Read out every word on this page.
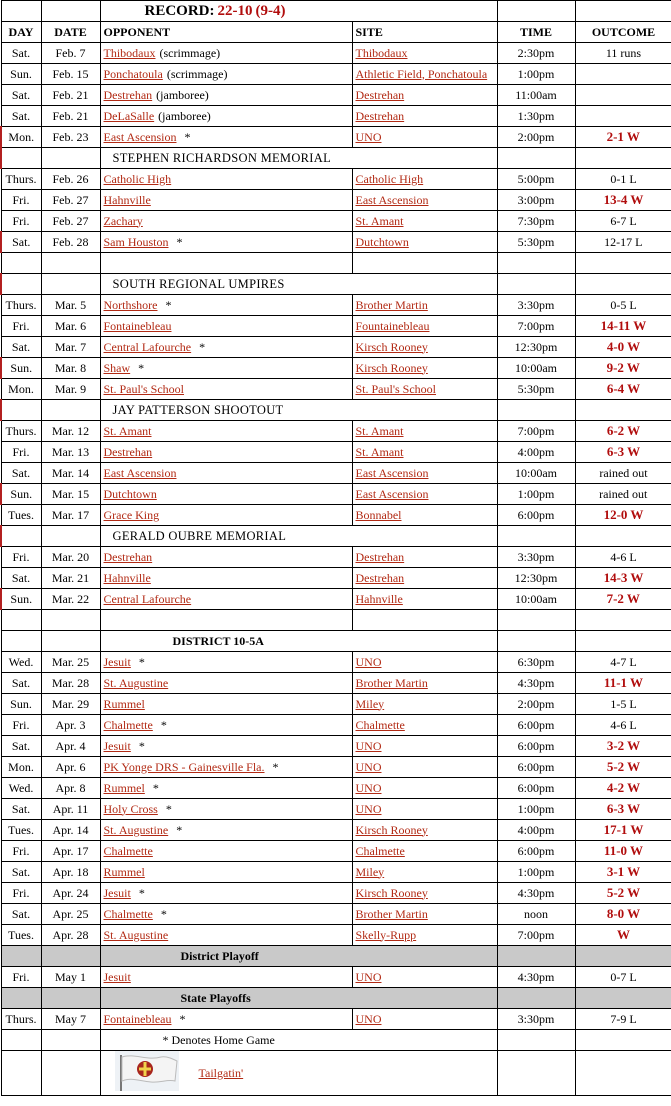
		RECORD: 22-10 (9-4)			
DAY	DATE	OPPONENT	SITE	TIME	OUTCOME
Sat.	Feb. 7	Thibodaux (scrimmage)	Thibodaux	2:30pm	11 runs
Sun.	Feb. 15	Ponchatoula (scrimmage)	Athletic Field, Ponchatoula	1:00pm	
Sat.	Feb. 21	Destrehan (jamboree)	Destrehan	11:00am	
Sat.	Feb. 21	DeLaSalle (jamboree)	Destrehan	1:30pm	
Mon.	Feb. 23	East Ascension *	UNO	2:00pm	2-1 W
		STEPHEN RICHARDSON MEMORIAL			
Thurs.	Feb. 26	Catholic High	Catholic High	5:00pm	0-1 L
Fri.	Feb. 27	Hahnville	East Ascension	3:00pm	13-4 W
Fri.	Feb. 27	Zachary	St. Amant	7:30pm	6-7 L
Sat.	Feb. 28	Sam Houston *	Dutchtown	5:30pm	12-17 L

		SOUTH REGIONAL UMPIRES			
Thurs.	Mar. 5	Northshore *	Brother Martin	3:30pm	0-5 L
Fri.	Mar. 6	Fontainebleau	Fountainebleau	7:00pm	14-11 W
Sat.	Mar. 7	Central Lafourche *	Kirsch Rooney	12:30pm	4-0 W
Sun.	Mar. 8	Shaw *	Kirsch Rooney	10:00am	9-2 W
Mon.	Mar. 9	St. Paul's School	St. Paul's School	5:30pm	6-4 W
		JAY PATTERSON SHOOTOUT			
Thurs.	Mar. 12	St. Amant	St. Amant	7:00pm	6-2 W
Fri.	Mar. 13	Destrehan	St. Amant	4:00pm	6-3 W
Sat.	Mar. 14	East Ascension	East Ascension	10:00am	rained out
Sun.	Mar. 15	Dutchtown	East Ascension	1:00pm	rained out
Tues.	Mar. 17	Grace King	Bonnabel	6:00pm	12-0 W
		GERALD OUBRE MEMORIAL			
Fri.	Mar. 20	Destrehan	Destrehan	3:30pm	4-6 L
Sat.	Mar. 21	Hahnville	Destrehan	12:30pm	14-3 W
Sun.	Mar. 22	Central Lafourche	Hahnville	10:00am	7-2 W

		DISTRICT 10-5A			
Wed.	Mar. 25	Jesuit *	UNO	6:30pm	4-7 L
Sat.	Mar. 28	St. Augustine	Brother Martin	4:30pm	11-1 W
Sun.	Mar. 29	Rummel	Miley	2:00pm	1-5 L
Fri.	Apr. 3	Chalmette *	Chalmette	6:00pm	4-6 L
Sat.	Apr. 4	Jesuit *	UNO	6:00pm	3-2 W
Mon.	Apr. 6	PK Yonge DRS - Gainesville Fla. *	UNO	6:00pm	5-2 W
Wed.	Apr. 8	Rummel *	UNO	6:00pm	4-2 W
Sat.	Apr. 11	Holy Cross *	UNO	1:00pm	6-3 W
Tues.	Apr. 14	St. Augustine *	Kirsch Rooney	4:00pm	17-1 W
Fri.	Apr. 17	Chalmette	Chalmette	6:00pm	11-0 W
Sat.	Apr. 18	Rummel	Miley	1:00pm	3-1 W
Fri.	Apr. 24	Jesuit *	Kirsch Rooney	4:30pm	5-2 W
Sat.	Apr. 25	Chalmette *	Brother Martin	noon	8-0 W
Tues.	Apr. 28	St. Augustine	Skelly-Rupp	7:00pm	W
		District Playoff			
Fri.	May 1	Jesuit	UNO	4:30pm	0-7 L
		State Playoffs			
Thurs.	May 7	Fontainebleau *	UNO	3:30pm	7-9 L
		* Denotes Home Game			
		Tailgatin'			
